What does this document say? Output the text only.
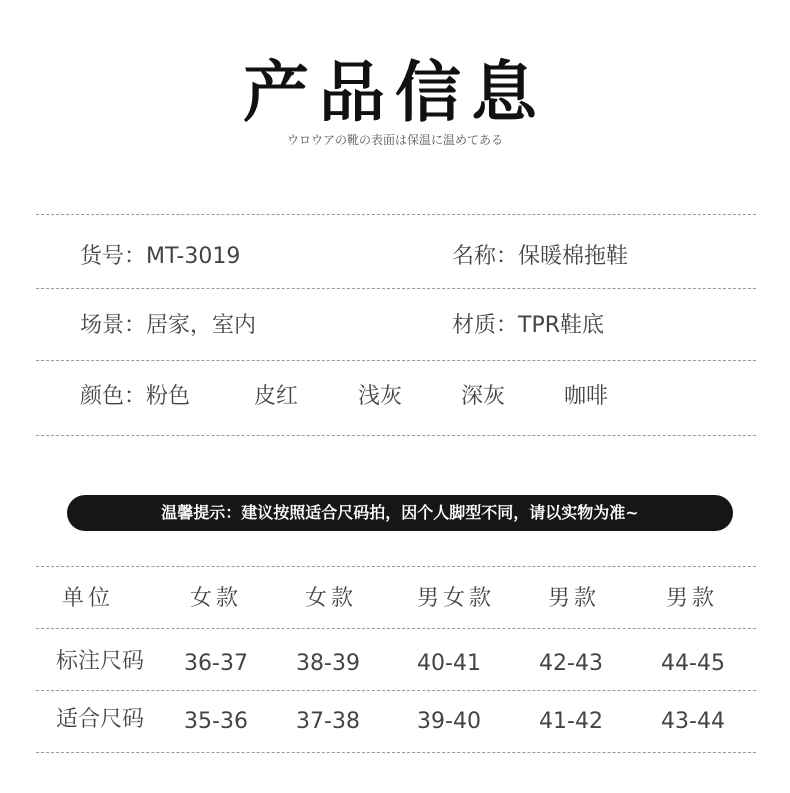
产品信息
ウロウアの靴の表面は保温に温めてある
货号：MT-3019	名称：保暖棉拖鞋
场景：居家，室内	材质：TPR鞋底
颜色：粉色	皮红	浅灰	深灰	咖啡
温馨提示：建议按照适合尺码拍，因个人脚型不同，请以实物为准~
单位	女款	女款	男女款	男款	男款
标注尺码	36-37	38-39	40-41	42-43	44-45
适合尺码	35-36	37-38	39-40	41-42	43-44
